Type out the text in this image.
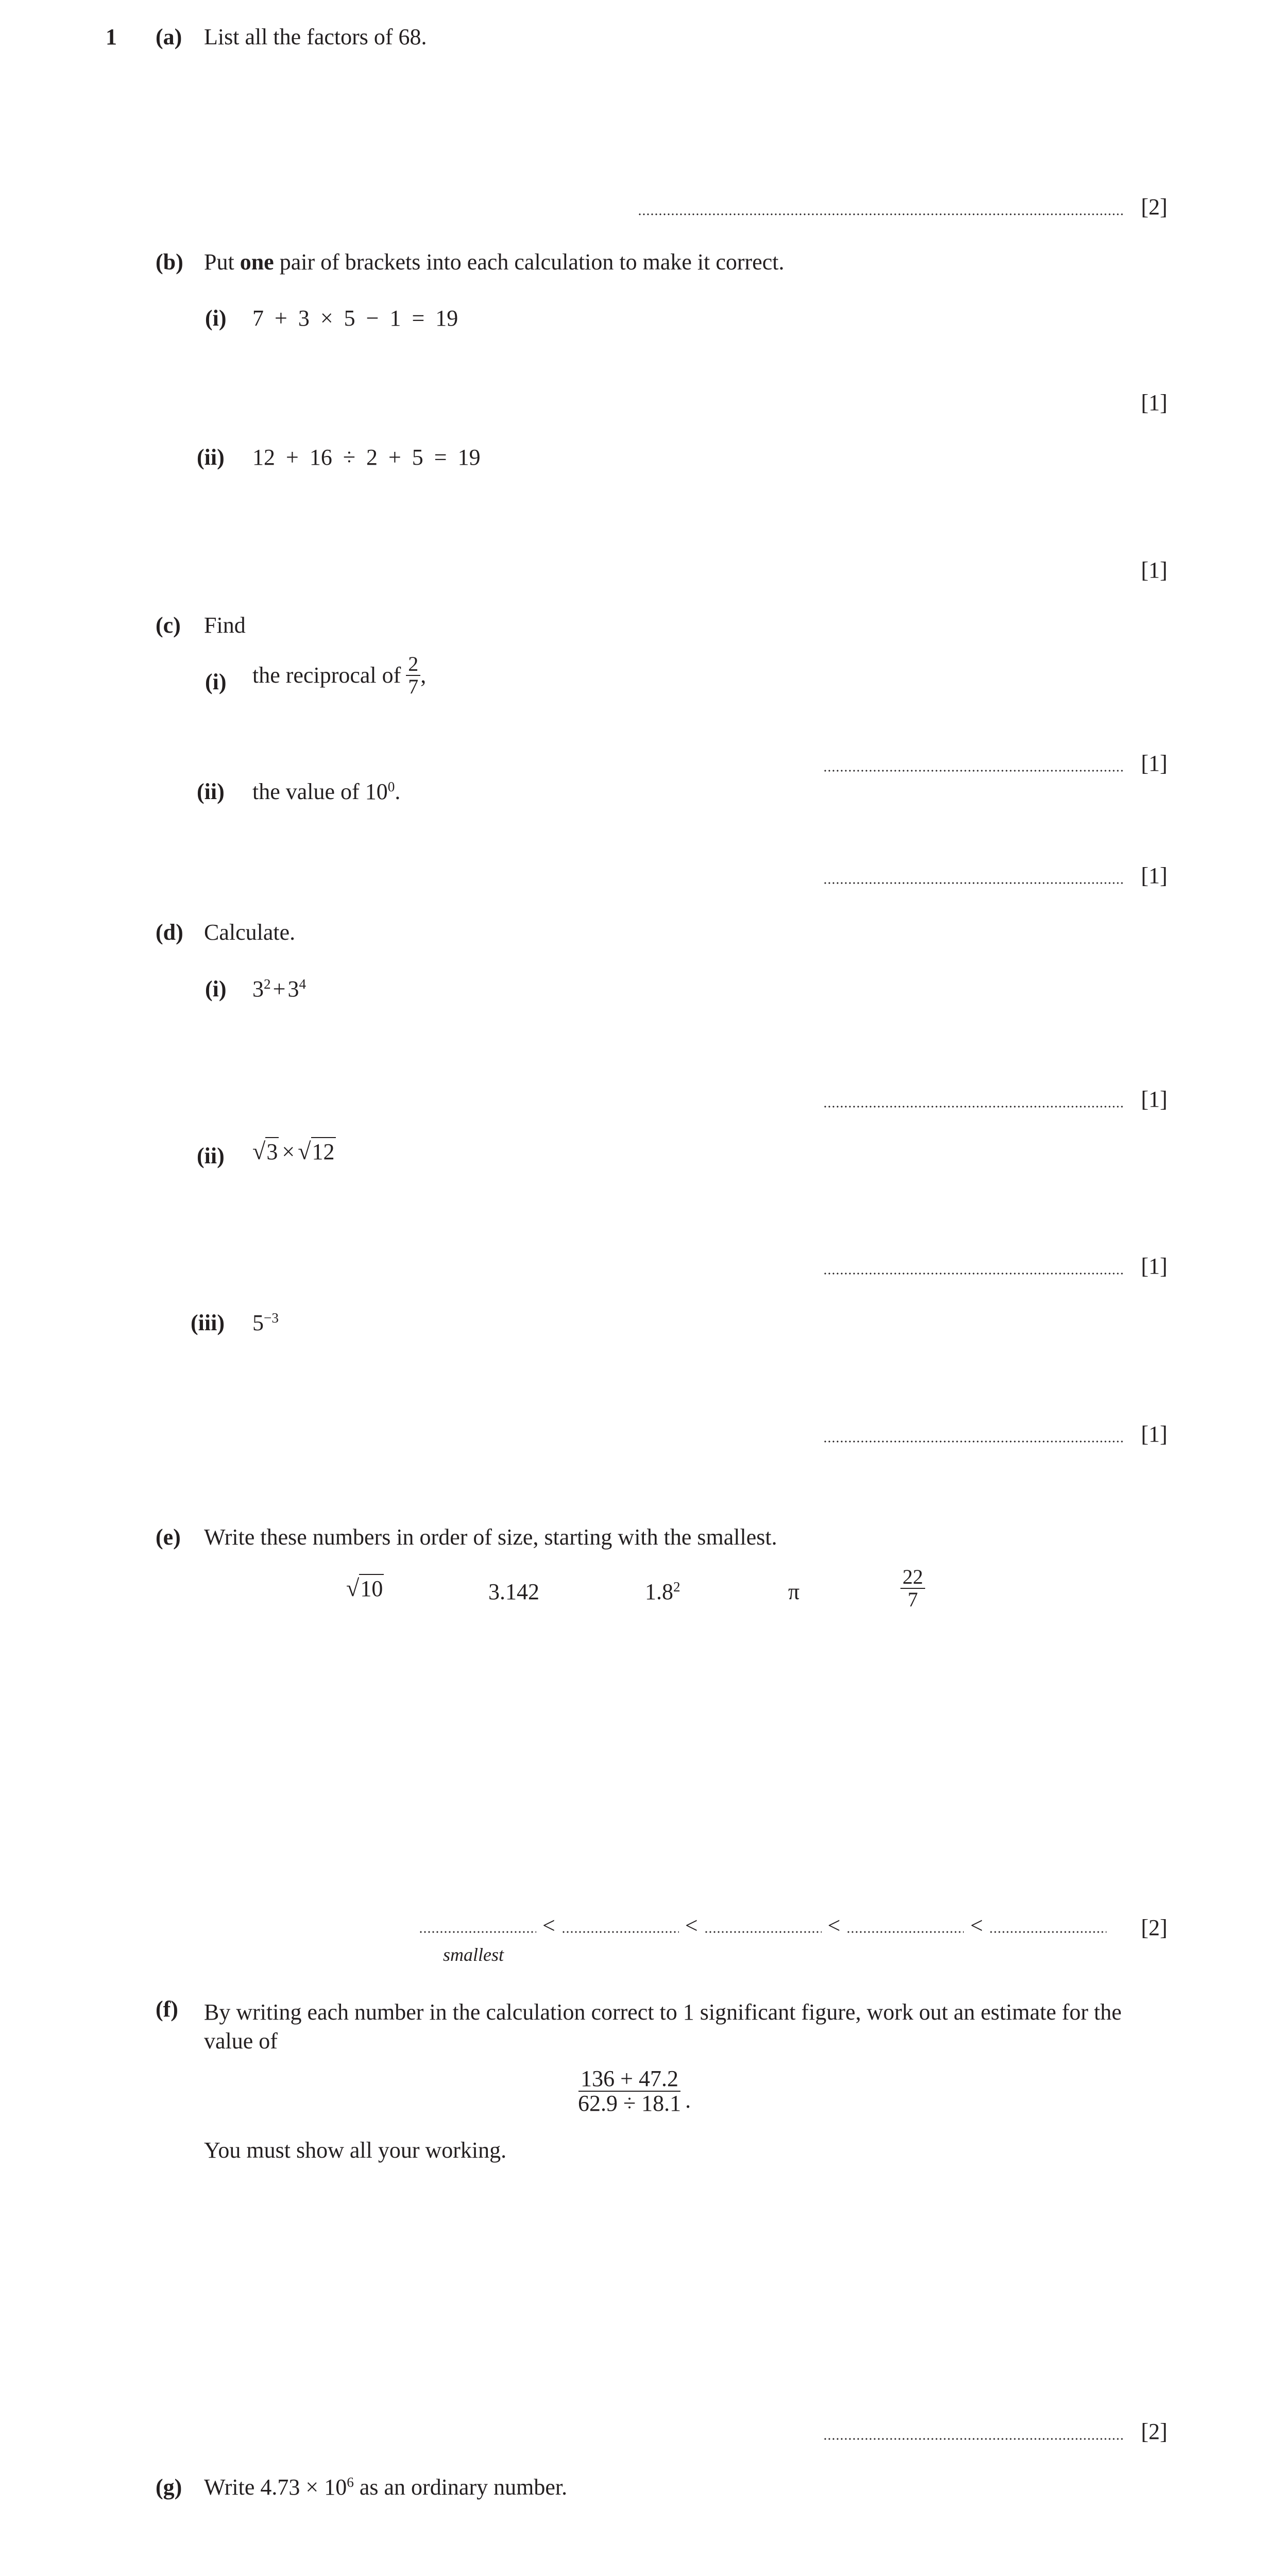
1 (a) List all the factors of 68.
[2]
(b) Put one pair of brackets into each calculation to make it correct.
(i) 7 + 3 × 5 − 1 = 19
[1]
(ii) 12 + 16 ÷ 2 + 5 = 19
[1]
(c) Find
(i) the reciprocal of $\frac{2}{7}$ ,
[1]
(ii) the value of $10^0$.
[1]
(d) Calculate.
(i) $3^2+3^4$
[1]
(ii) √3 × √12
[1]
(iii) $5^{-3}$
[1]
(e) Write these numbers in order of size, starting with the smallest.
√10	3.142	$1.8^2$	π	$\frac{22}{7}$
<	<	<	<	[2]
smallest
(f) By writing each number in the calculation correct to 1 significant figure, work out an estimate for the value of
$\frac{136 + 47.2}{62.9 \div 18.1}$ .
You must show all your working.
[2]
(g) Write $4.73 \times 10^6$ as an ordinary number.
